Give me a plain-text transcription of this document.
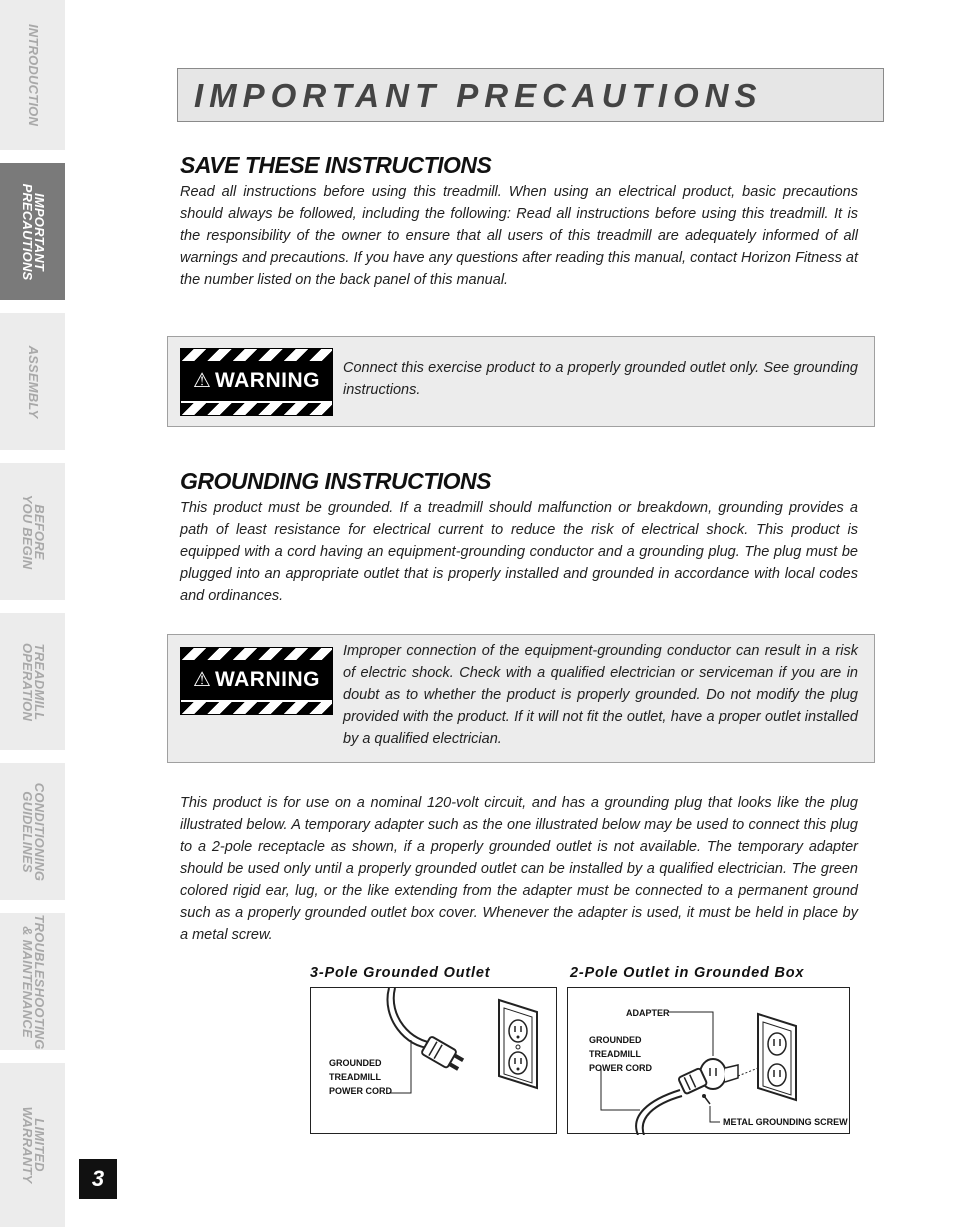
INTRODUCTION
IMPORTANT
PRECAUTIONS
ASSEMBLY
BEFORE
YOU BEGIN
TREADMILL
OPERATION
CONDITIONING
GUIDELINES
TROUBLESHOOTING
& MAINTENANCE
LIMITED
WARRANTY
IMPORTANT PRECAUTIONS
SAVE THESE INSTRUCTIONS

Read all instructions before using this treadmill. When using an electrical product, basic precautions should always be followed, including the following: Read all instructions before using this treadmill. It is the responsibility of the owner to ensure that all users of this treadmill are adequately informed of all warnings and precautions. If you have any questions after reading this manual, contact Horizon Fitness at the number listed on the back panel of this manual.

⚠ WARNING

Connect this exercise product to a properly grounded outlet only. See grounding instructions.

GROUNDING INSTRUCTIONS

This product must be grounded. If a treadmill should malfunction or breakdown, grounding provides a path of least resistance for electrical current to reduce the risk of electrical shock. This product is equipped with a cord having an equipment-grounding conductor and a grounding plug. The plug must be plugged into an appropriate outlet that is properly installed and grounded in accordance with local codes and ordinances.

⚠ WARNING

Improper connection of the equipment-grounding conductor can result in a risk of electric shock. Check with a qualified electrician or serviceman if you are in doubt as to whether the product is properly grounded. Do not modify the plug provided with the product. If it will not fit the outlet, have a proper outlet installed by a qualified electrician.

This product is for use on a nominal 120-volt circuit, and has a grounding plug that looks like the plug illustrated below. A temporary adapter such as the one illustrated below may be used to connect this plug to a 2-pole receptacle as shown, if a properly grounded outlet is not available. The temporary adapter should be used only until a properly grounded outlet can be installed by a qualified electrician. The green colored rigid ear, lug, or the like extending from the adapter must be connected to a permanent ground such as a properly grounded outlet box cover. Whenever the adapter is used, it must be held in place by a metal screw.

3-Pole Grounded Outlet	2-Pole Outlet in Grounded Box
GROUNDED
TREADMILL
POWER CORD
ADAPTER
GROUNDED
TREADMILL
POWER CORD
METAL GROUNDING SCREW
3
